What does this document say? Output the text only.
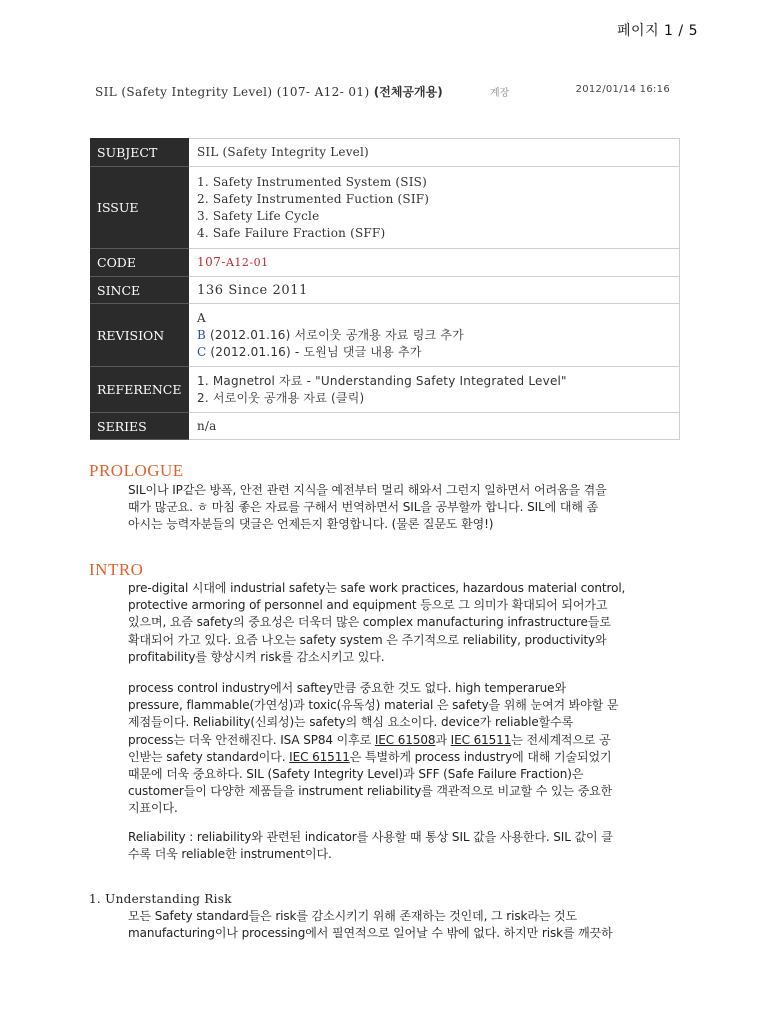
페이지 1 / 5
SIL (Safety Integrity Level) (107- A12- 01) (전체공개용)	계장	2012/01/14 16:16
SUBJECT	SIL (Safety Integrity Level)
ISSUE	1. Safety Instrumented System (SIS)
2. Safety Instrumented Fuction (SIF)
3. Safety Life Cycle
4. Safe Failure Fraction (SFF)

CODE	107-A12-01
SINCE	136 Since 2011
REVISION	A
B (2012.01.16) 서로이웃 공개용 자료 링크 추가
C (2012.01.16) - 도원님 댓글 내용 추가

REFERENCE	1. Magnetrol 자료 - "Understanding Safety Integrated Level"
2. 서로이웃 공개용 자료 (클릭)

SERIES	n/a
PROLOGUE
SIL이나 IP같은 방폭, 안전 관련 지식을 예전부터 멀리 해와서 그런지 일하면서 어려움을 겪을
때가 많군요. ㅎ 마침 좋은 자료를 구해서 번역하면서 SIL을 공부할까 합니다. SIL에 대해 좀
아시는 능력자분들의 댓글은 언제든지 환영합니다. (물론 질문도 환영!)
INTRO
pre-digital 시대에 industrial safety는 safe work practices, hazardous material control,
protective armoring of personnel and equipment 등으로 그 의미가 확대되어 되어가고
있으며, 요즘 safety의 중요성은 더욱더 많은 complex manufacturing infrastructure들로
확대되어 가고 있다. 요즘 나오는 safety system 은 주기적으로 reliability, productivity와
profitability를 향상시켜 risk를 감소시키고 있다.
process control industry에서 saftey만큼 중요한 것도 없다. high temperarue와
pressure, flammable(가연성)과 toxic(유독성) material 은 safety을 위해 눈여겨 봐야할 문
제점들이다. Reliability(신뢰성)는 safety의 핵심 요소이다. device가 reliable할수록
process는 더욱 안전해진다. ISA SP84 이후로 IEC 61508과 IEC 61511는 전세계적으로 공
인받는 safety standard이다. IEC 61511은 특별하게 process industry에 대해 기술되었기
때문에 더욱 중요하다. SIL (Safety Integrity Level)과 SFF (Safe Failure Fraction)은
customer들이 다양한 제품들을 instrument reliability를 객관적으로 비교할 수 있는 중요한
지표이다.
Reliability : reliability와 관련된 indicator를 사용할 때 통상 SIL 값을 사용한다. SIL 값이 클
수록 더욱 reliable한 instrument이다.
1. Understanding Risk
모든 Safety standard들은 risk를 감소시키기 위해 존재하는 것인데, 그 risk라는 것도
manufacturing이나 processing에서 필연적으로 일어날 수 밖에 없다. 하지만 risk를 깨끗하
